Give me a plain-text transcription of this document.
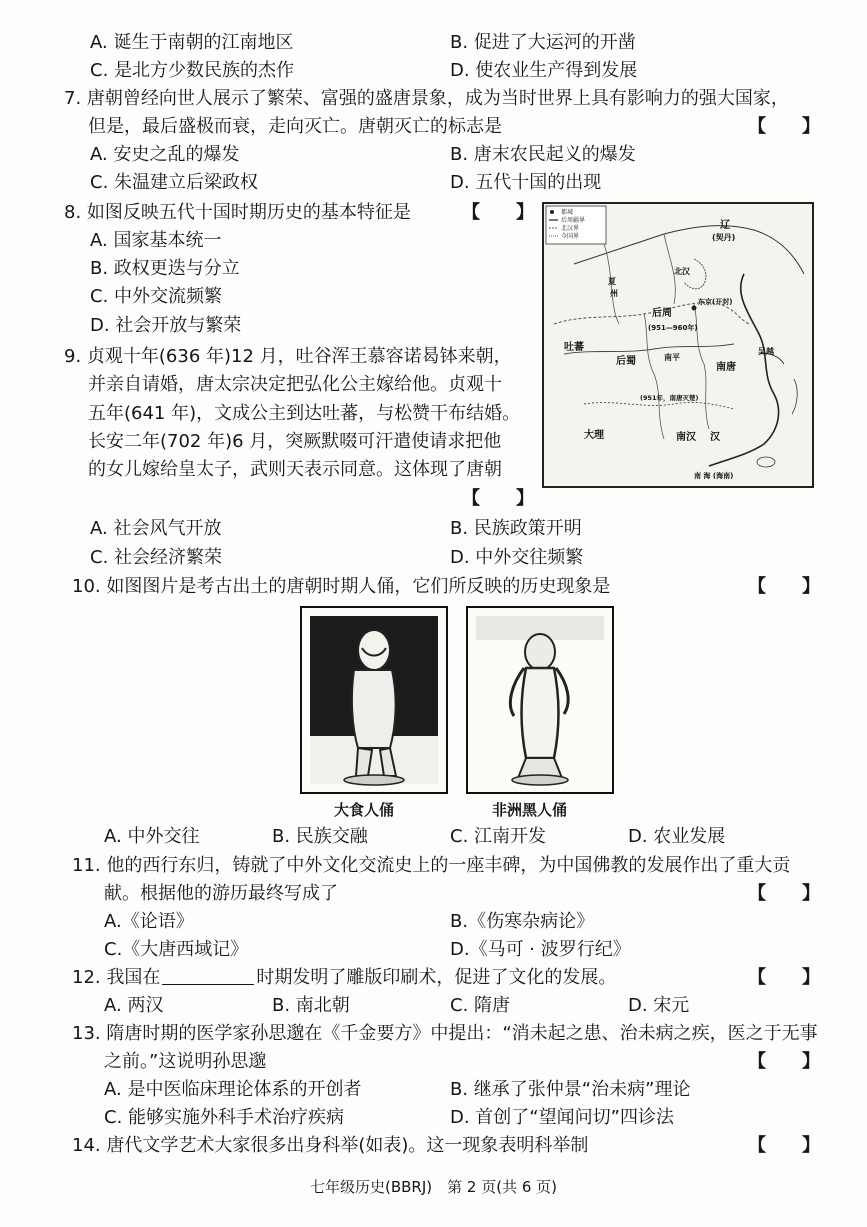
A. 诞生于南朝的江南地区	B. 促进了大运河的开凿
C. 是北方少数民族的杰作	D. 使农业生产得到发展
7. 唐朝曾经向世人展示了繁荣、富强的盛唐景象，成为当时世界上具有影响力的强大国家，
但是，最后盛极而衰，走向灭亡。唐朝灭亡的标志是	【　　】
A. 安史之乱的爆发	B. 唐末农民起义的爆发
C. 朱温建立后梁政权	D. 五代十国的出现
8. 如图反映五代十国时期历史的基本特征是	【　　】
A. 国家基本统一
B. 政权更迭与分立
C. 中外交流频繁
D. 社会开放与繁荣
都城
后周疆界
北汉界
今国界
辽
(契丹)
北汉
夏
州
东京(开封)
后周
(951—960年)
吐蕃
后蜀	南平
南唐
吴越
(951年，南唐灭楚)
南汉
大理	汉
南 海 (海南)
9. 贞观十年(636 年)12 月，吐谷浑王慕容诺曷钵来朝，
并亲自请婚，唐太宗决定把弘化公主嫁给他。贞观十
五年(641 年)，文成公主到达吐蕃，与松赞干布结婚。
长安二年(702 年)6 月，突厥默啜可汗遣使请求把他
的女儿嫁给皇太子，武则天表示同意。这体现了唐朝
【　　】
A. 社会风气开放	B. 民族政策开明
C. 社会经济繁荣	D. 中外交往频繁
10. 如图图片是考古出土的唐朝时期人俑，它们所反映的历史现象是	【　　】
大食人俑	非洲黑人俑
A. 中外交往	B. 民族交融	C. 江南开发	D. 农业发展
11. 他的西行东归，铸就了中外文化交流史上的一座丰碑，为中国佛教的发展作出了重大贡
献。根据他的游历最终写成了	【　　】
A.《论语》	B.《伤寒杂病论》
C.《大唐西域记》	D.《马可 · 波罗行纪》
12. 我国在	时期发明了雕版印刷术，促进了文化的发展。	【　　】
A. 两汉	B. 南北朝	C. 隋唐	D. 宋元
13. 隋唐时期的医学家孙思邈在《千金要方》中提出：“消未起之患、治未病之疾，医之于无事
之前。”这说明孙思邈	【　　】
A. 是中医临床理论体系的开创者	B. 继承了张仲景“治未病”理论
C. 能够实施外科手术治疗疾病	D. 首创了“望闻问切”四诊法
14. 唐代文学艺术大家很多出身科举(如表)。这一现象表明科举制	【　　】
七年级历史(BBRJ)　第 2 页(共 6 页)
